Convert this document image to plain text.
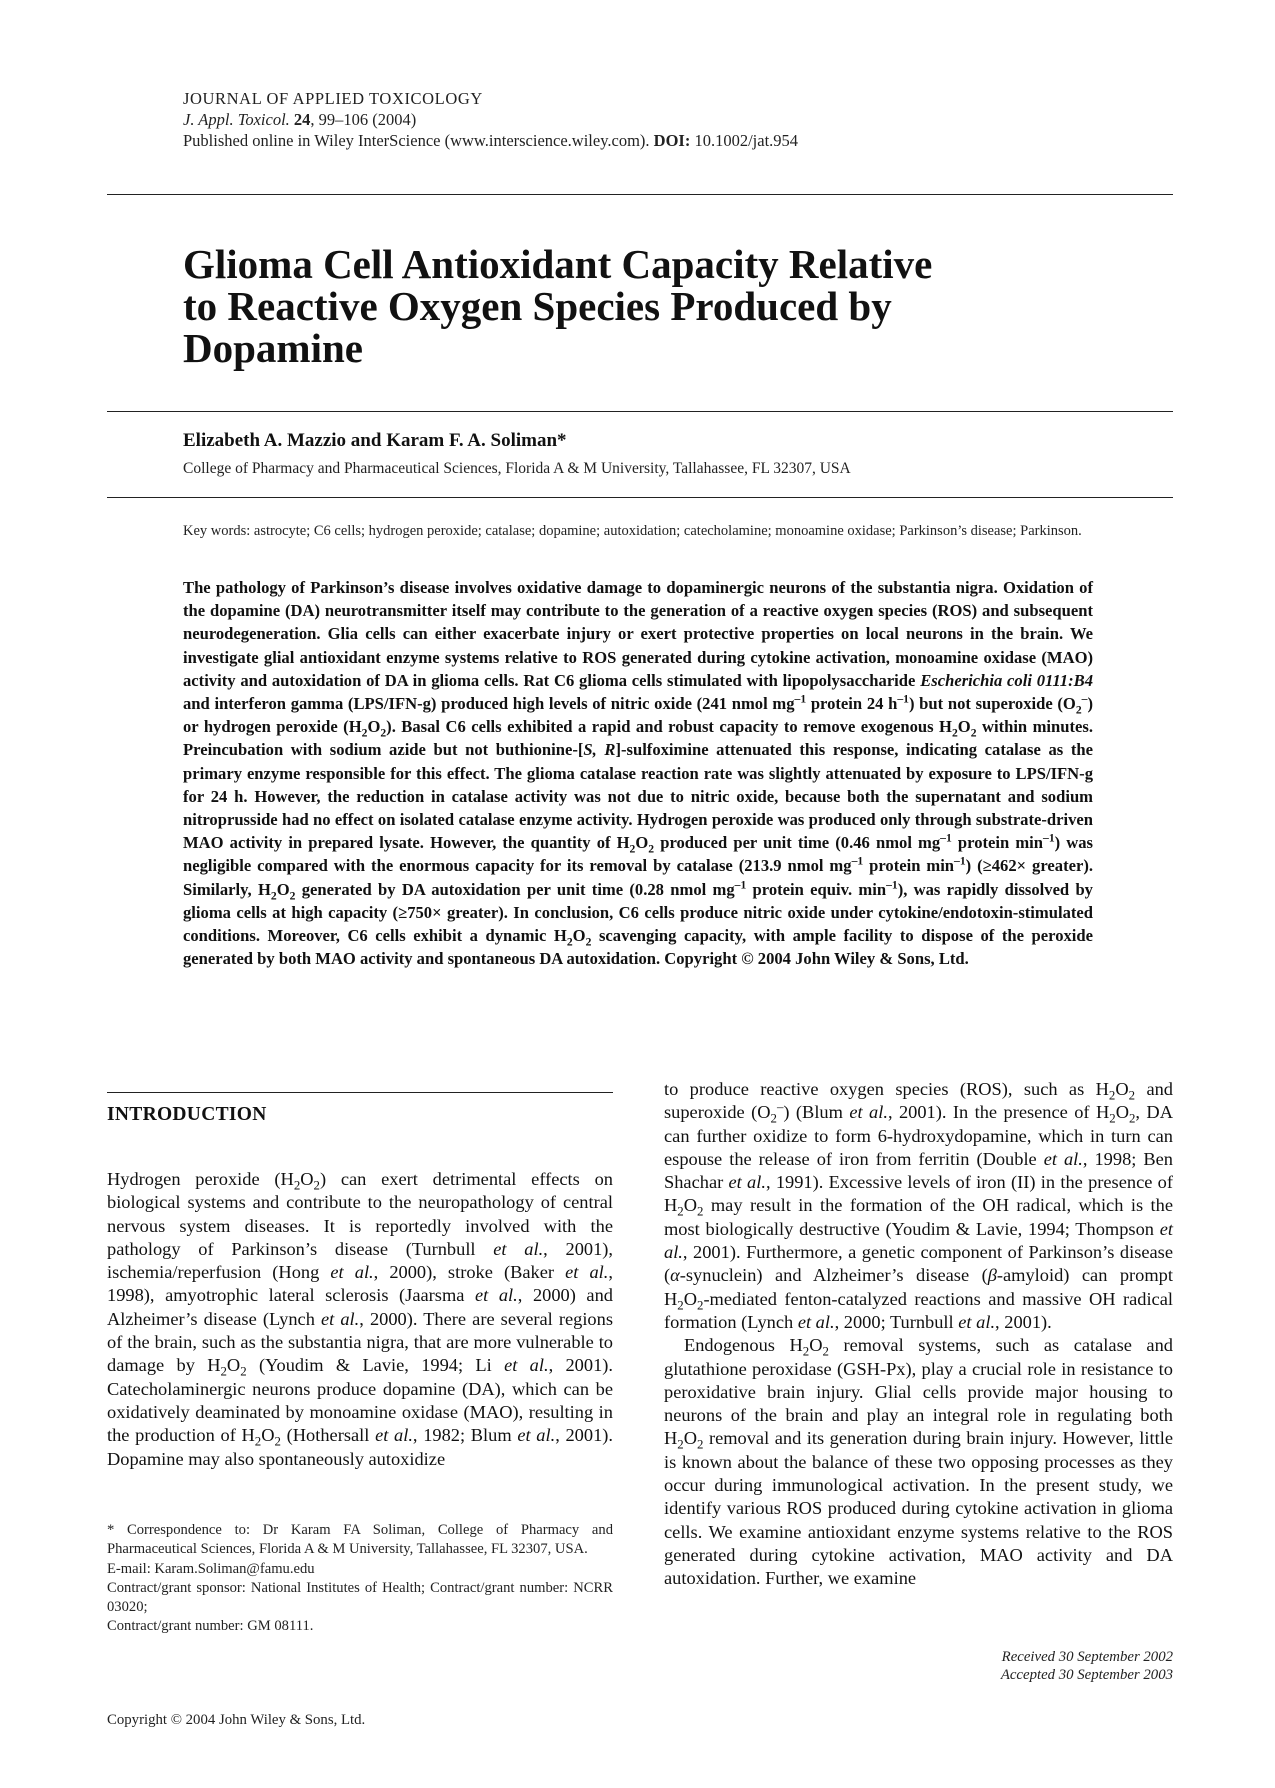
JOURNAL OF APPLIED TOXICOLOGY
J. Appl. Toxicol. 24, 99–106 (2004)
Published online in Wiley InterScience (www.interscience.wiley.com). DOI: 10.1002/jat.954
Glioma Cell Antioxidant Capacity Relative
to Reactive Oxygen Species Produced by
Dopamine
Elizabeth A. Mazzio and Karam F. A. Soliman*
College of Pharmacy and Pharmaceutical Sciences, Florida A & M University, Tallahassee, FL 32307, USA
Key words: astrocyte; C6 cells; hydrogen peroxide; catalase; dopamine; autoxidation; catecholamine; monoamine oxidase; Parkinson’s disease; Parkinson.
The pathology of Parkinson’s disease involves oxidative damage to dopaminergic neurons of the substantia nigra. Oxidation of the dopamine (DA) neurotransmitter itself may contribute to the generation of a reactive oxygen species (ROS) and subsequent neurodegeneration. Glia cells can either exacerbate injury or exert protective properties on local neurons in the brain. We investigate glial antioxidant enzyme systems relative to ROS generated during cytokine activation, monoamine oxidase (MAO) activity and autoxidation of DA in glioma cells. Rat C6 glioma cells stimulated with lipopolysaccharide Escherichia coli 0111:B4 and interferon gamma (LPS/IFN-g) produced high levels of nitric oxide (241 nmol $mg^{-1}$ protein 24 $h^{-1}$) but not superoxide $(O_2^-)$ or hydrogen peroxide $(H_2O_2)$. Basal C6 cells exhibited a rapid and robust capacity to remove exogenous $H_2O_2$ within minutes. Preincubation with sodium azide but not buthionine-[S, R]-sulfoximine attenuated this response, indicating catalase as the primary enzyme responsible for this effect. The glioma catalase reaction rate was slightly attenuated by exposure to LPS/IFN-g for 24 h. However, the reduction in catalase activity was not due to nitric oxide, because both the supernatant and sodium nitroprusside had no effect on isolated catalase enzyme activity. Hydrogen peroxide was produced only through substrate-driven MAO activity in prepared lysate. However, the quantity of $H_2O_2$ produced per unit time (0.46 nmol $mg^{-1}$ protein $\min^{-1}$) was negligible compared with the enormous capacity for its removal by catalase (213.9 nmol $mg^{-1}$ protein $\min^{-1}$) (≥462× greater). Similarly, $H_2O_2$ generated by DA autoxidation per unit time (0.28 nmol $mg^{-1}$ protein equiv. $\min^{-1}$), was rapidly dissolved by glioma cells at high capacity (≥750× greater). In conclusion, C6 cells produce nitric oxide under cytokine/endotoxin-stimulated conditions. Moreover, C6 cells exhibit a dynamic $H_2O_2$ scavenging capacity, with ample facility to dispose of the peroxide generated by both MAO activity and spontaneous DA autoxidation. Copyright © 2004 John Wiley & Sons, Ltd.
INTRODUCTION

Hydrogen peroxide $(H_2O_2)$ can exert detrimental effects on biological systems and contribute to the neuropathology of central nervous system diseases. It is reportedly involved with the pathology of Parkinson’s disease (Turnbull et al., 2001), ischemia/reperfusion (Hong et al., 2000), stroke (Baker et al., 1998), amyotrophic lateral sclerosis (Jaarsma et al., 2000) and Alzheimer’s disease (Lynch et al., 2000). There are several regions of the brain, such as the substantia nigra, that are more vulnerable to damage by $H_2O_2$ (Youdim & Lavie, 1994; Li et al., 2001). Catecholaminergic neurons produce dopamine (DA), which can be oxidatively deaminated by monoamine oxidase (MAO), resulting in the production of $H_2O_2$ (Hothersall et al., 1982; Blum et al., 2001). Dopamine may also spontaneously autoxidize

to produce reactive oxygen species (ROS), such as $H_2O_2$ and superoxide $(O_2^-)$ (Blum et al., 2001). In the presence of $H_2O_2$, DA can further oxidize to form 6-hydroxydopamine, which in turn can espouse the release of iron from ferritin (Double et al., 1998; Ben Shachar et al., 1991). Excessive levels of iron (II) in the presence of $H_2O_2$ may result in the formation of the OH radical, which is the most biologically destructive (Youdim & Lavie, 1994; Thompson et al., 2001). Furthermore, a genetic component of Parkinson’s disease (α-synuclein) and Alzheimer’s disease (β-amyloid) can prompt $H_2O_2$-mediated fenton-catalyzed reactions and massive OH radical formation (Lynch et al., 2000; Turnbull et al., 2001).

Endogenous $H_2O_2$ removal systems, such as catalase and glutathione peroxidase (GSH-Px), play a crucial role in resistance to peroxidative brain injury. Glial cells provide major housing to neurons of the brain and play an integral role in regulating both $H_2O_2$ removal and its generation during brain injury. However, little is known about the balance of these two opposing processes as they occur during immunological activation. In the present study, we identify various ROS produced during cytokine activation in glioma cells. We examine antioxidant enzyme systems relative to the ROS generated during cytokine activation, MAO activity and DA autoxidation. Further, we examine

* Correspondence to: Dr Karam FA Soliman, College of Pharmacy and Pharmaceutical Sciences, Florida A & M University, Tallahassee, FL 32307, USA.

E-mail: Karam.Soliman@famu.edu

Contract/grant sponsor: National Institutes of Health; Contract/grant number: NCRR 03020;

Contract/grant number: GM 08111.

Received 30 September 2002
Accepted 30 September 2003
Copyright © 2004 John Wiley & Sons, Ltd.
